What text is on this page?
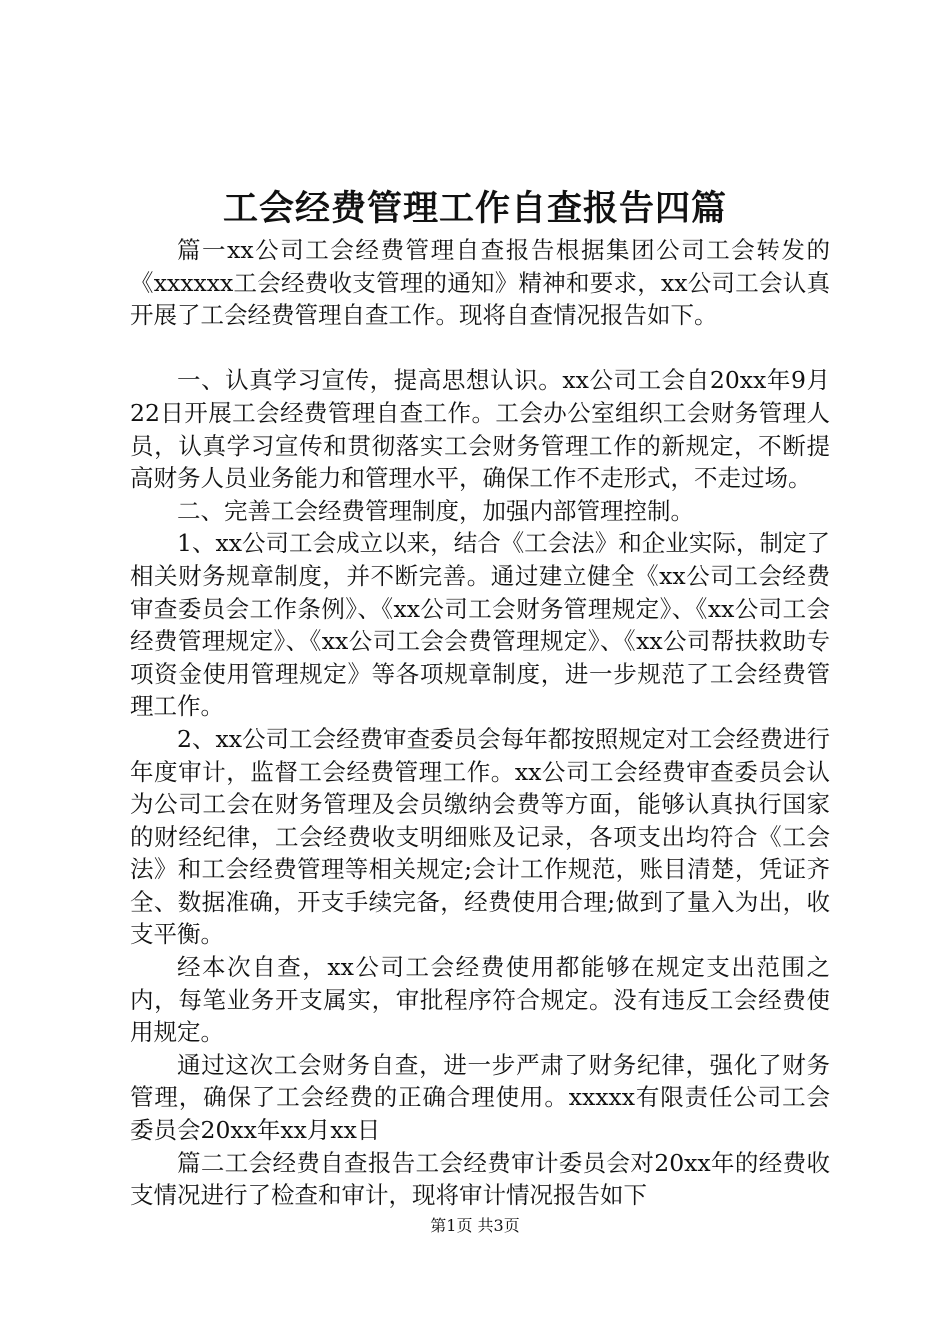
工会经费管理工作自查报告四篇

篇一xx公司工会经费管理自查报告根据集团公司工会转发的《xxxxxx工会经费收支管理的通知》精神和要求，xx公司工会认真开展了工会经费管理自查工作。现将自查情况报告如下。

一、认真学习宣传，提高思想认识。xx公司工会自20xx年9月22日开展工会经费管理自查工作。工会办公室组织工会财务管理人员，认真学习宣传和贯彻落实工会财务管理工作的新规定，不断提高财务人员业务能力和管理水平，确保工作不走形式，不走过场。

二、完善工会经费管理制度，加强内部管理控制。

1、xx公司工会成立以来，结合《工会法》和企业实际，制定了相关财务规章制度，并不断完善。通过建立健全《xx公司工会经费审查委员会工作条例》、《xx公司工会财务管理规定》、《xx公司工会经费管理规定》、《xx公司工会会费管理规定》、《xx公司帮扶救助专项资金使用管理规定》等各项规章制度，进一步规范了工会经费管理工作。

2、xx公司工会经费审查委员会每年都按照规定对工会经费进行年度审计，监督工会经费管理工作。xx公司工会经费审查委员会认为公司工会在财务管理及会员缴纳会费等方面，能够认真执行国家的财经纪律，工会经费收支明细账及记录，各项支出均符合《工会法》和工会经费管理等相关规定;会计工作规范，账目清楚，凭证齐全、数据准确，开支手续完备，经费使用合理;做到了量入为出，收支平衡。

经本次自查，xx公司工会经费使用都能够在规定支出范围之内，每笔业务开支属实，审批程序符合规定。没有违反工会经费使用规定。

通过这次工会财务自查，进一步严肃了财务纪律，强化了财务管理，确保了工会经费的正确合理使用。xxxxx有限责任公司工会委员会20xx年xx月xx日

篇二工会经费自查报告工会经费审计委员会对20xx年的经费收支情况进行了检查和审计，现将审计情况报告如下

第1页 共3页
